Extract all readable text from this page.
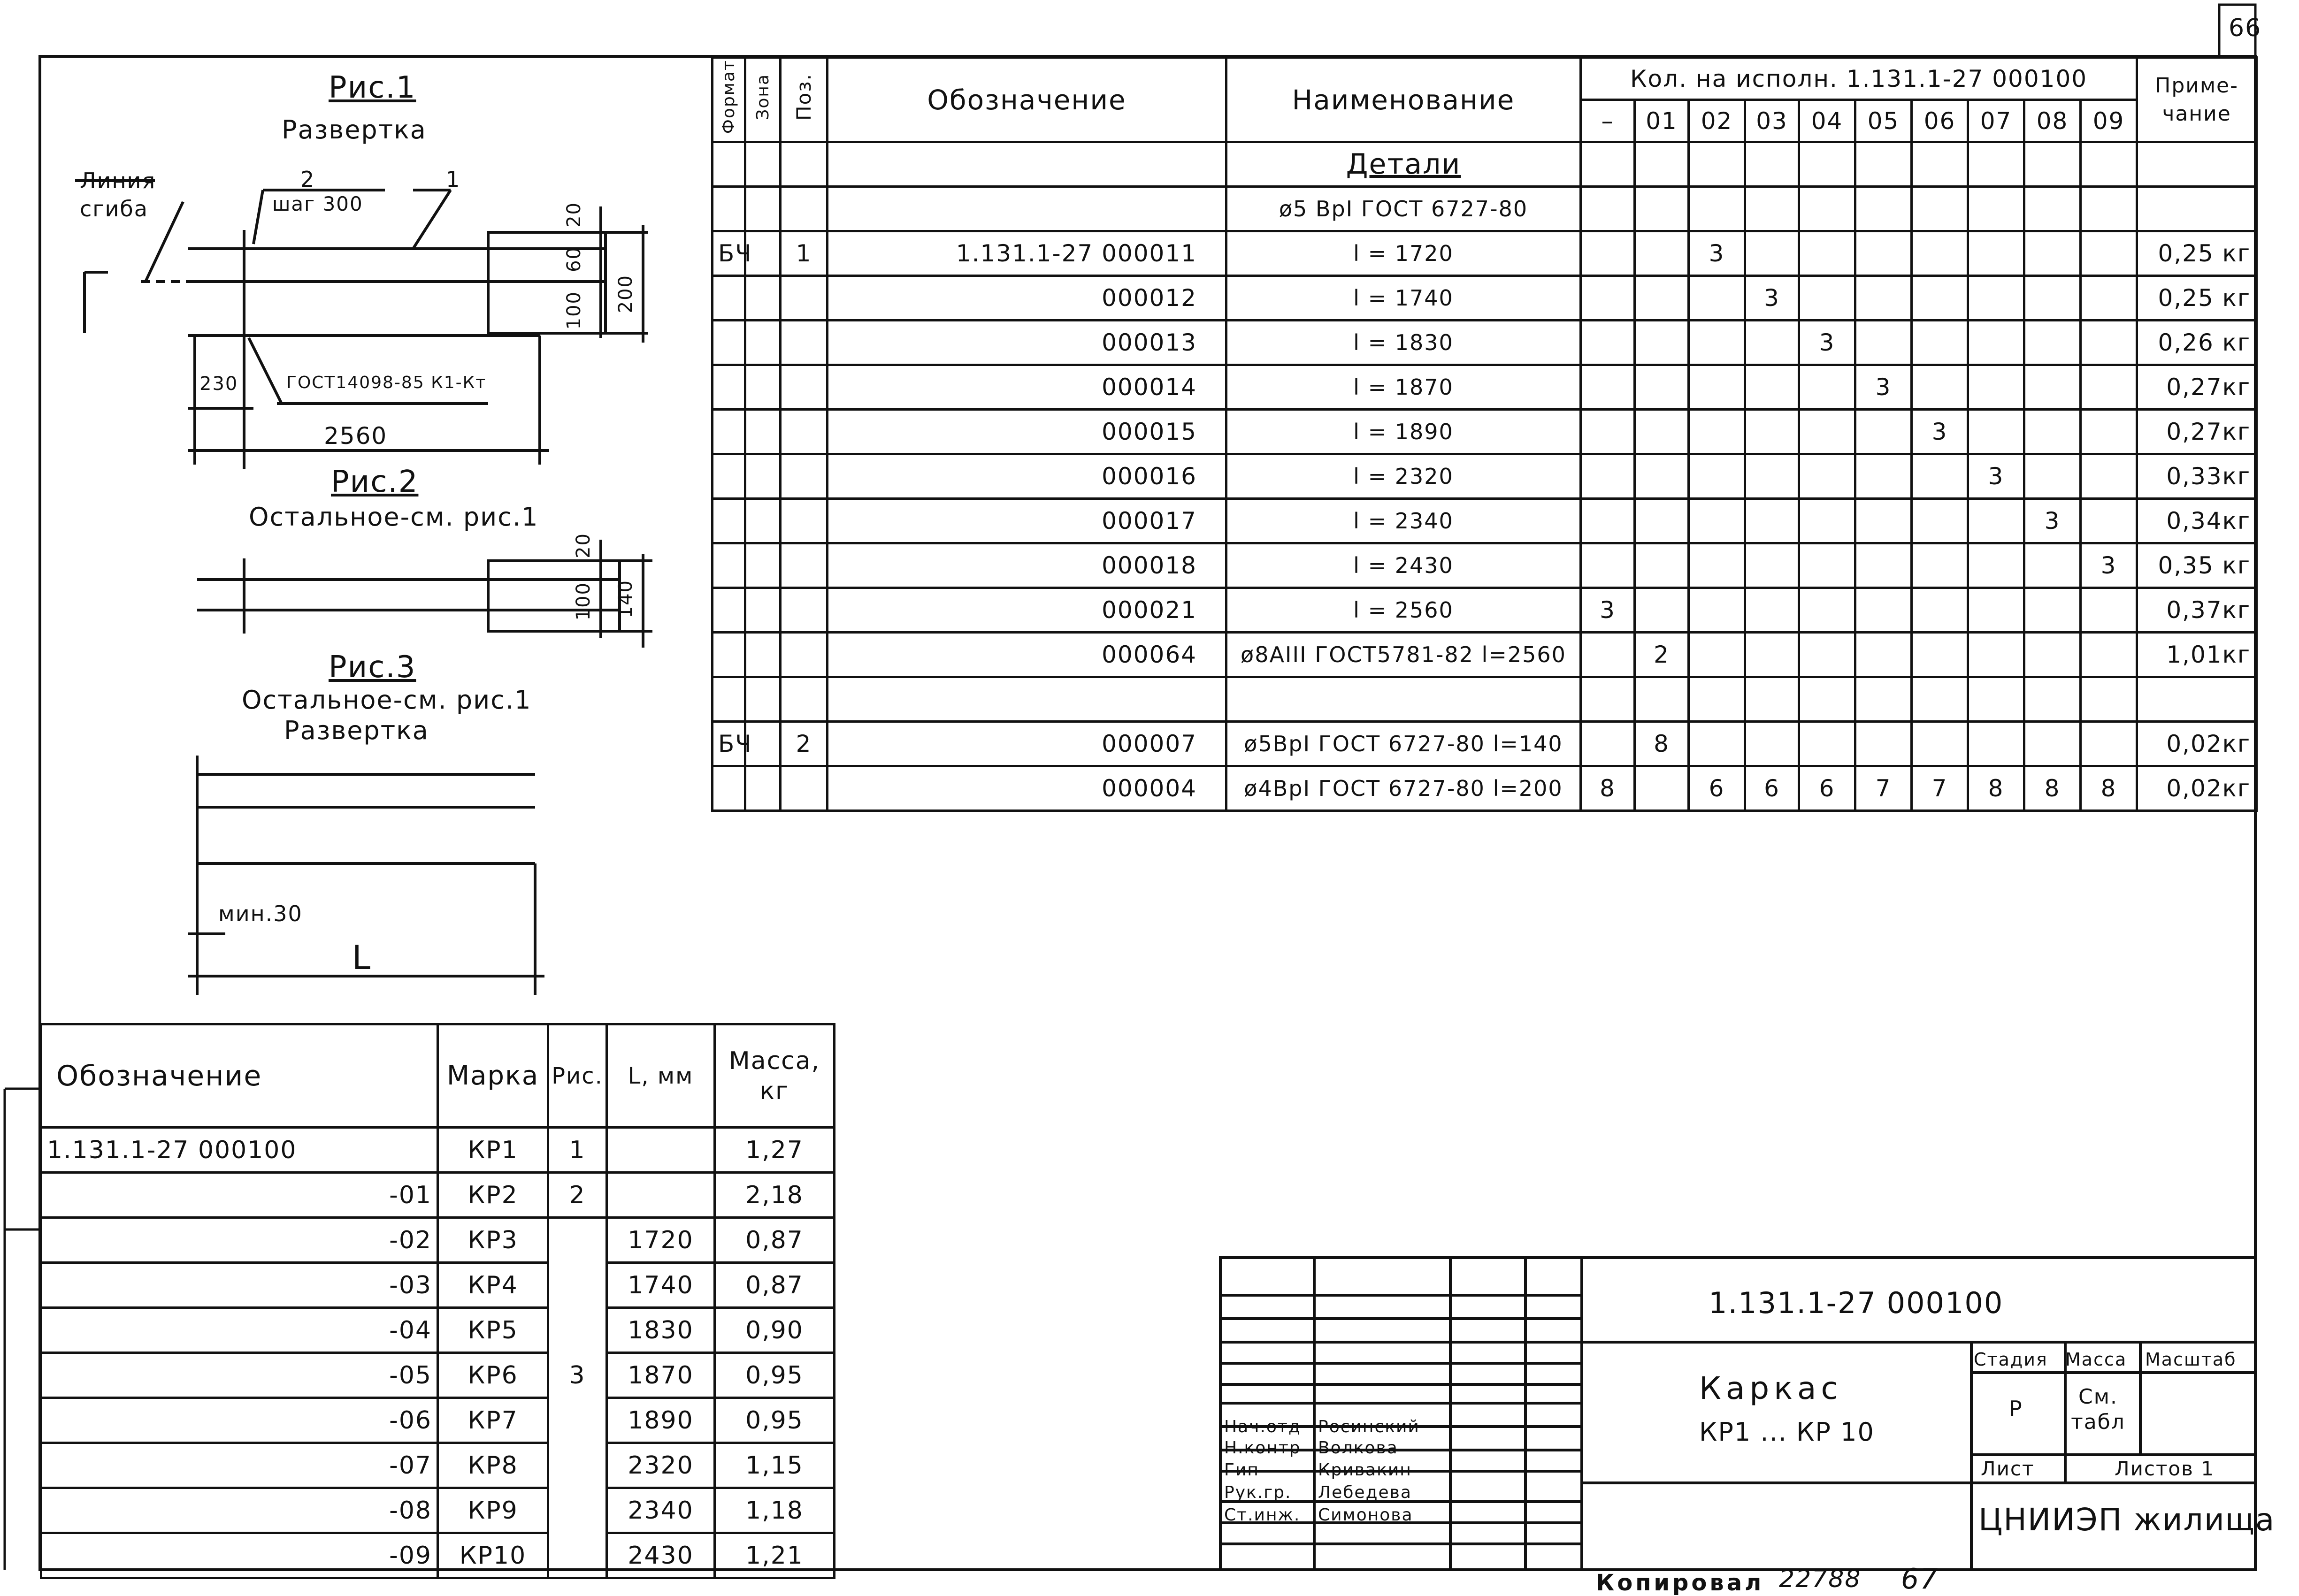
66
Рис.1
Развертка
Линия сгиба
2
шаг 300
1
20
60
100 200
230	ГОСТ14098-85 К1-Кт
2560
Рис.2
Остальное-см. рис.1
20
100 140
Рис.3
Остальное-см. рис.1
Развертка
мин.30
L
Формат	Зона	Поз.	Обозначение	Наименование	Кол. на исполн. 1.131.1-27 000100										Приме- чание
					–	01	02	03	04	05	06	07	08	09	
				Детали											
				ø5 ВрI ГОСТ 6727-80											
БЧ		1	1.131.1-27 000011	l = 1720			3								0,25 кг
			000012	l = 1740				3							0,25 кг
			000013	l = 1830					3						0,26 кг
			000014	l = 1870						3					0,27кг
			000015	l = 1890							3				0,27кг
			000016	l = 2320								3			0,33кг
			000017	l = 2340									3		0,34кг
			000018	l = 2430										3	0,35 кг
			000021	l = 2560	3										0,37кг
			000064	ø8АIII ГОСТ5781-82 l=2560		2									1,01кг

БЧ		2	000007	ø5ВрI ГОСТ 6727-80 l=140		8									0,02кг
			000004	ø4ВрI ГОСТ 6727-80 l=200	8		6	6	6	7	7	8	8	8	0,02кг
Обозначение	Марка	Рис.	L, мм	Масса, кг
1.131.1-27 000100	КР1	1		1,27
-01	КР2	2		2,18
-02	КР3		1720	0,87
-03	КР4		1740	0,87
-04	КР5		1830	0,90
-05	КР6	3	1870	0,95
-06	КР7		1890	0,95
-07	КР8		2320	1,15
-08	КР9		2340	1,18
-09	КР10		2430	1,21
Нач.отд Росинский
Н.контр Волкова
Гип	Кривакин
Рук.гр. Лебедева
Ст.инж. Симонова
1.131.1-27 000100
Каркас
КР1 ... КР 10
Стадия Масса Масштаб
Р	См. табл
Лист	Листов 1
ЦНИИЭП жилища
Копировал 22788 67
